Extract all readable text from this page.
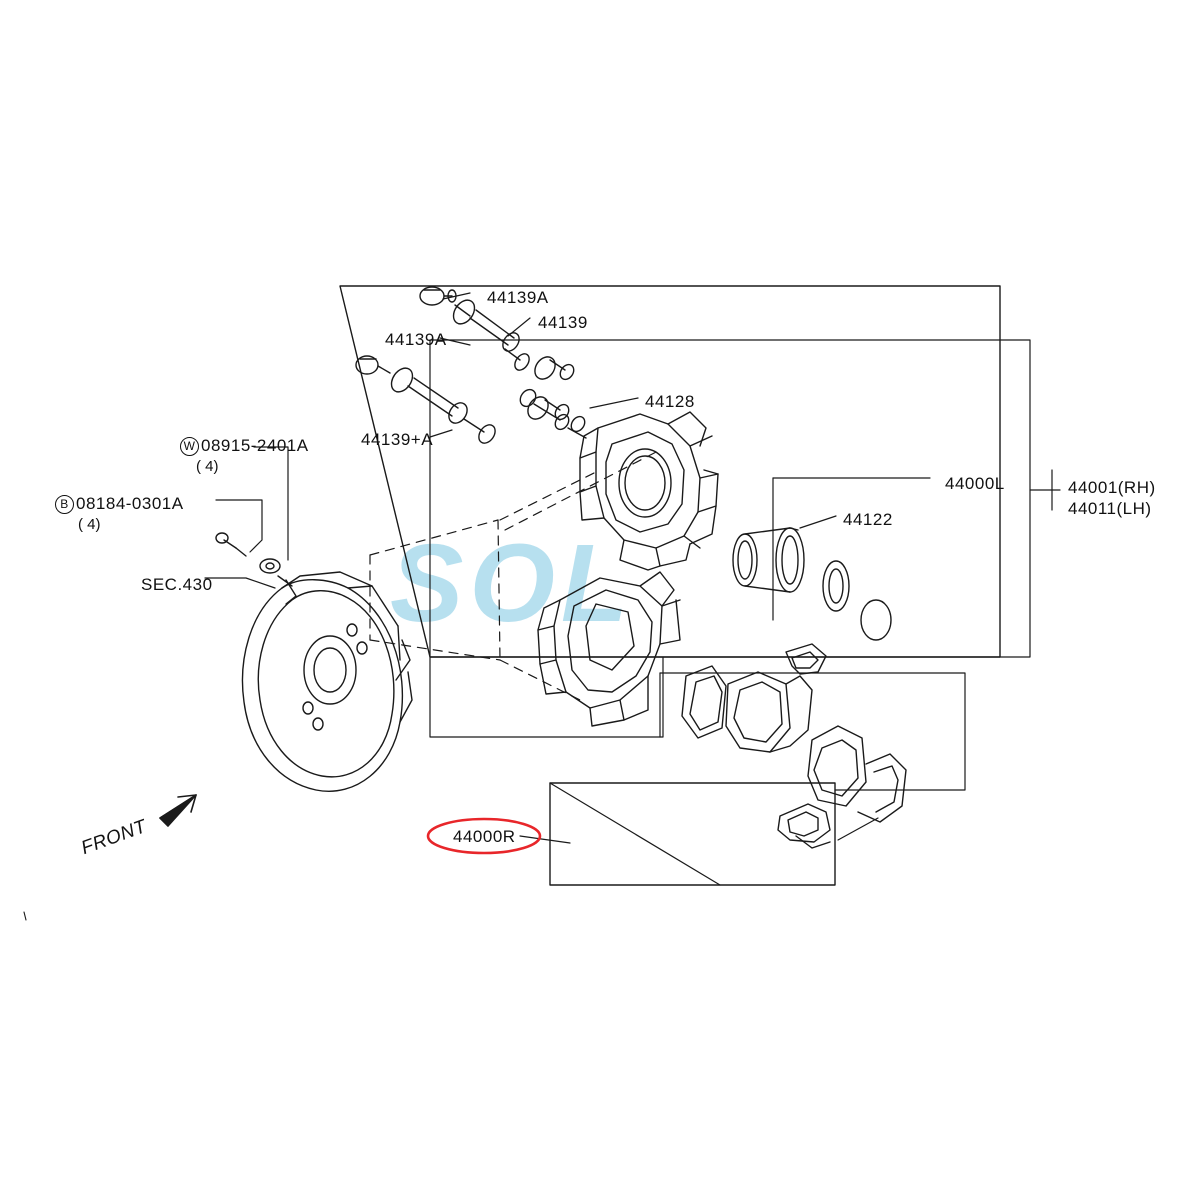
SOL
44139A
44139
44139A
44128
44139+A
44000L	44001(RH)
44011(LH)
44122
44000R
W 08915-2401A
( 4)
B 08184-0301A
( 4)
SEC.430
FRONT
